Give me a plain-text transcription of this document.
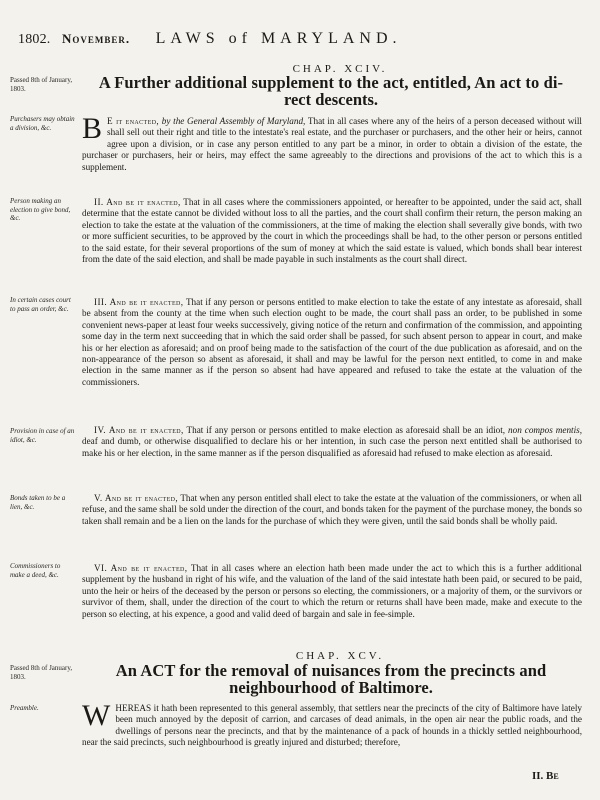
1802. November. LAWS of MARYLAND.
CHAP. XCIV.
Passed 8th of January, 1803.	A Further additional supplement to the act, entitled, An act to di-
rect descents.
Purchasers may obtain a division, &c.	B E it enacted, by the General Assembly of Maryland, That in all cases where any of the heirs of a person deceased without will shall sell out their right and title to the intestate's real estate, and the purchaser or purchasers, and the other heir or heirs, cannot agree upon a division, or in case any person entitled to any part be a minor, in order to obtain a division of the estate, the purchaser or purchasers, heir or heirs, may effect the same agreeably to the directions and provisions of the act to which this is a supplement.
Person making an election to give bond, &c.
II. And be it enacted, That in all cases where the commissioners appointed, or hereafter to be appointed, under the said act, shall determine that the estate cannot be divided without loss to all the parties, and the court shall confirm their return, the person making an election to take the estate at the valuation of the commissioners, at the time of making the election shall severally give bonds, with two or more sufficient securities, to be approved by the court in which the proceedings shall be had, to the other person or persons entitled to the said estate, for their several proportions of the sum of money at which the said estate is valued, which bonds shall bear interest from the date of the said election, and shall be made payable in such instalments as the court shall direct.
In certain cases court to pass an order, &c.
III. And be it enacted, That if any person or persons entitled to make election to take the estate of any intestate as aforesaid, shall be absent from the county at the time when such election ought to be made, the court shall pass an order, to be published in some convenient news-paper at least four weeks successively, giving notice of the return and confirmation of the commission, and appointing some day in the term next succeeding that in which the said order shall be passed, for such absent person to appear in court, and make his or her election as aforesaid; and on proof being made to the satisfaction of the court of the due publication as aforesaid, and on the non-appearance of the person so absent as aforesaid, it shall and may be lawful for the person next entitled, to come in and make election in the same manner as if the person so absent had have appeared and refused to take the estate at the valuation of the commissioners.
Provision in case of an idiot, &c.
IV. And be it enacted, That if any person or persons entitled to make election as aforesaid shall be an idiot, non compos mentis, deaf and dumb, or otherwise disqualified to declare his or her intention, in such case the person next entitled shall be authorised to make his or her election, in the same manner as if the person disqualified as aforesaid had refused to make election as aforesaid.
Bonds taken to be a lien, &c.
V. And be it enacted, That when any person entitled shall elect to take the estate at the valuation of the commissioners, or when all refuse, and the same shall be sold under the direction of the court, and bonds taken for the payment of the purchase money, the bonds so taken shall remain and be a lien on the lands for the purchase of which they were given, until the said bonds shall be wholly paid.
Commissioners to make a deed, &c.
VI. And be it enacted, That in all cases where an election hath been made under the act to which this is a further additional supplement by the husband in right of his wife, and the valuation of the land of the said intestate hath been paid, or secured to be paid, unto the heir or heirs of the deceased by the person or persons so electing, the commissioners, or a majority of them, or the survivors or survivor of them, shall, under the direction of the court to which the return or returns shall have been made, make and execute to the person so electing, at his expence, a good and valid deed of bargain and sale in fee-simple.
CHAP. XCV.
Passed 8th of January, 1803.	An ACT for the removal of nuisances from the precincts and
neighbourhood of Baltimore.
Preamble.	WHEREAS it hath been represented to this general assembly, that settlers near the precincts of the city of Baltimore have lately been much annoyed by the deposit of carrion, and carcases of dead animals, in the open air near the public roads, and the dwellings of persons near the precincts, and that by the maintenance of a pack of hounds in a thickly settled neighbourhood, near the said precincts, such neighbourhood is greatly injured and disturbed; therefore,
II. Be
